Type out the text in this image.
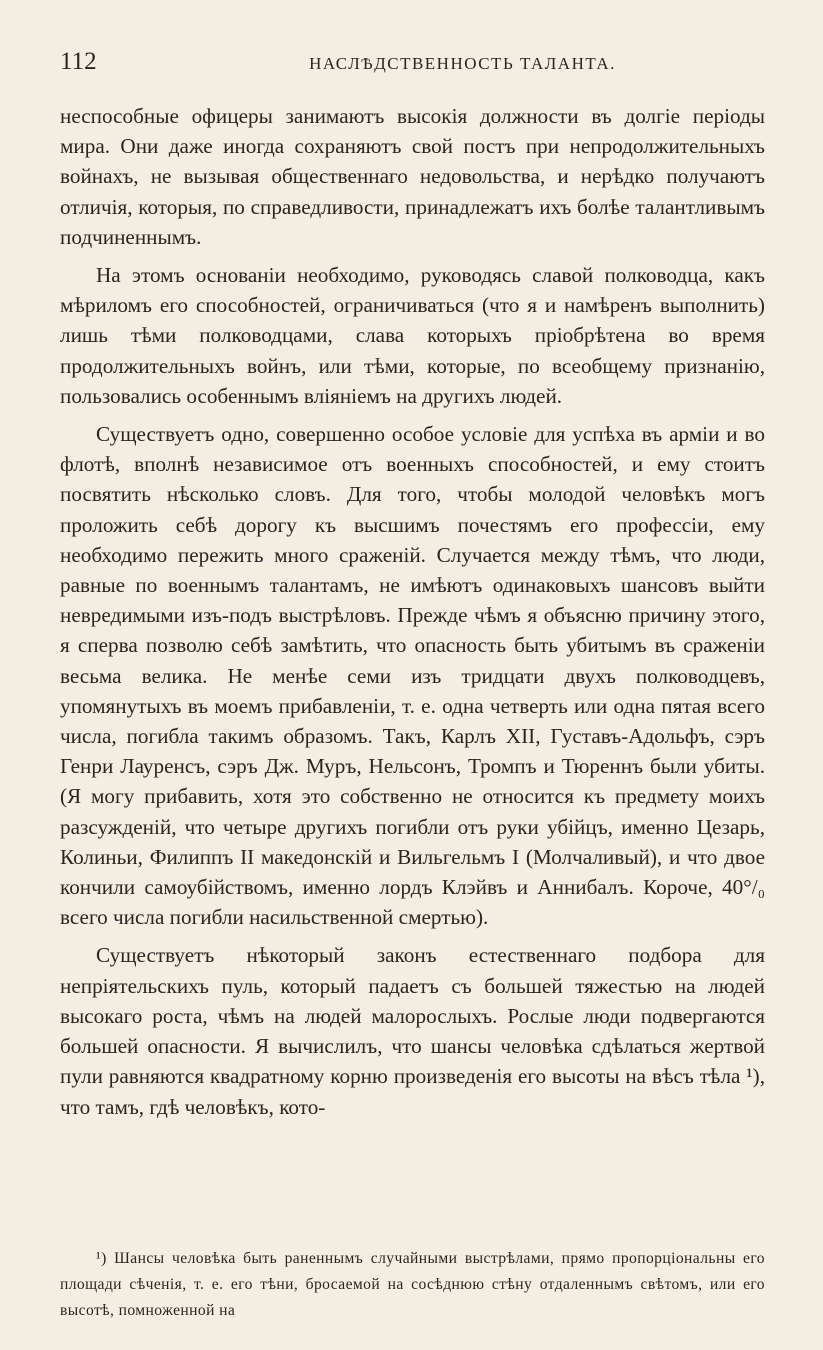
112	НАСЛѢДСТВЕННОСТЬ ТАЛАНТА.

неспособные офицеры занимаютъ высокія должности въ долгіе періоды мира. Они даже иногда сохраняютъ свой постъ при непродолжительныхъ войнахъ, не вызывая общественнаго недовольства, и нерѣдко получаютъ отличія, которыя, по справедливости, принадлежатъ ихъ болѣе талантливымъ подчиненнымъ.

На этомъ основаніи необходимо, руководясь славой полководца, какъ мѣриломъ его способностей, ограничиваться (что я и намѣренъ выполнить) лишь тѣми полководцами, слава которыхъ пріобрѣтена во время продолжительныхъ войнъ, или тѣми, которые, по всеобщему признанію, пользовались особеннымъ вліяніемъ на другихъ людей.

Существуетъ одно, совершенно особое условіе для успѣха въ арміи и во флотѣ, вполнѣ независимое отъ военныхъ способностей, и ему стоитъ посвятить нѣсколько словъ. Для того, чтобы молодой человѣкъ могъ проложить себѣ дорогу къ высшимъ почестямъ его профессіи, ему необходимо пережить много сраженій. Случается между тѣмъ, что люди, равные по военнымъ талантамъ, не имѣютъ одинаковыхъ шансовъ выйти невредимыми изъ-подъ выстрѣловъ. Прежде чѣмъ я объясню причину этого, я сперва позволю себѣ замѣтить, что опасность быть убитымъ въ сраженіи весьма велика. Не менѣе семи изъ тридцати двухъ полководцевъ, упомянутыхъ въ моемъ прибавленіи, т. е. одна четверть или одна пятая всего числа, погибла такимъ образомъ. Такъ, Карлъ XII, Густавъ-Адольфъ, сэръ Генри Лауренсъ, сэръ Дж. Муръ, Нельсонъ, Тромпъ и Тюреннъ были убиты. (Я могу прибавить, хотя это собственно не относится къ предмету моихъ разсужденій, что четыре другихъ погибли отъ руки убійцъ, именно Цезарь, Колиньи, Филиппъ II македонскій и Вильгельмъ I (Молчаливый), и что двое кончили самоубійствомъ, именно лордъ Клэйвъ и Аннибалъ. Короче, 40°/₀ всего числа погибли насильственной смертью).

Существуетъ нѣкоторый законъ естественнаго подбора для непріятельскихъ пуль, который падаетъ съ большей тяжестью на людей высокаго роста, чѣмъ на людей малорослыхъ. Рослые люди подвергаются большей опасности. Я вычислилъ, что шансы человѣка сдѣлаться жертвой пули равняются квадратному корню произведенія его высоты на вѣсъ тѣла ¹), что тамъ, гдѣ человѣкъ, кото-

¹) Шансы человѣка быть раненнымъ случайными выстрѣлами, прямо пропорціональны его площади сѣченія, т. е. его тѣни, бросаемой на сосѣднюю стѣну отдаленнымъ свѣтомъ, или его высотѣ, помноженной на
